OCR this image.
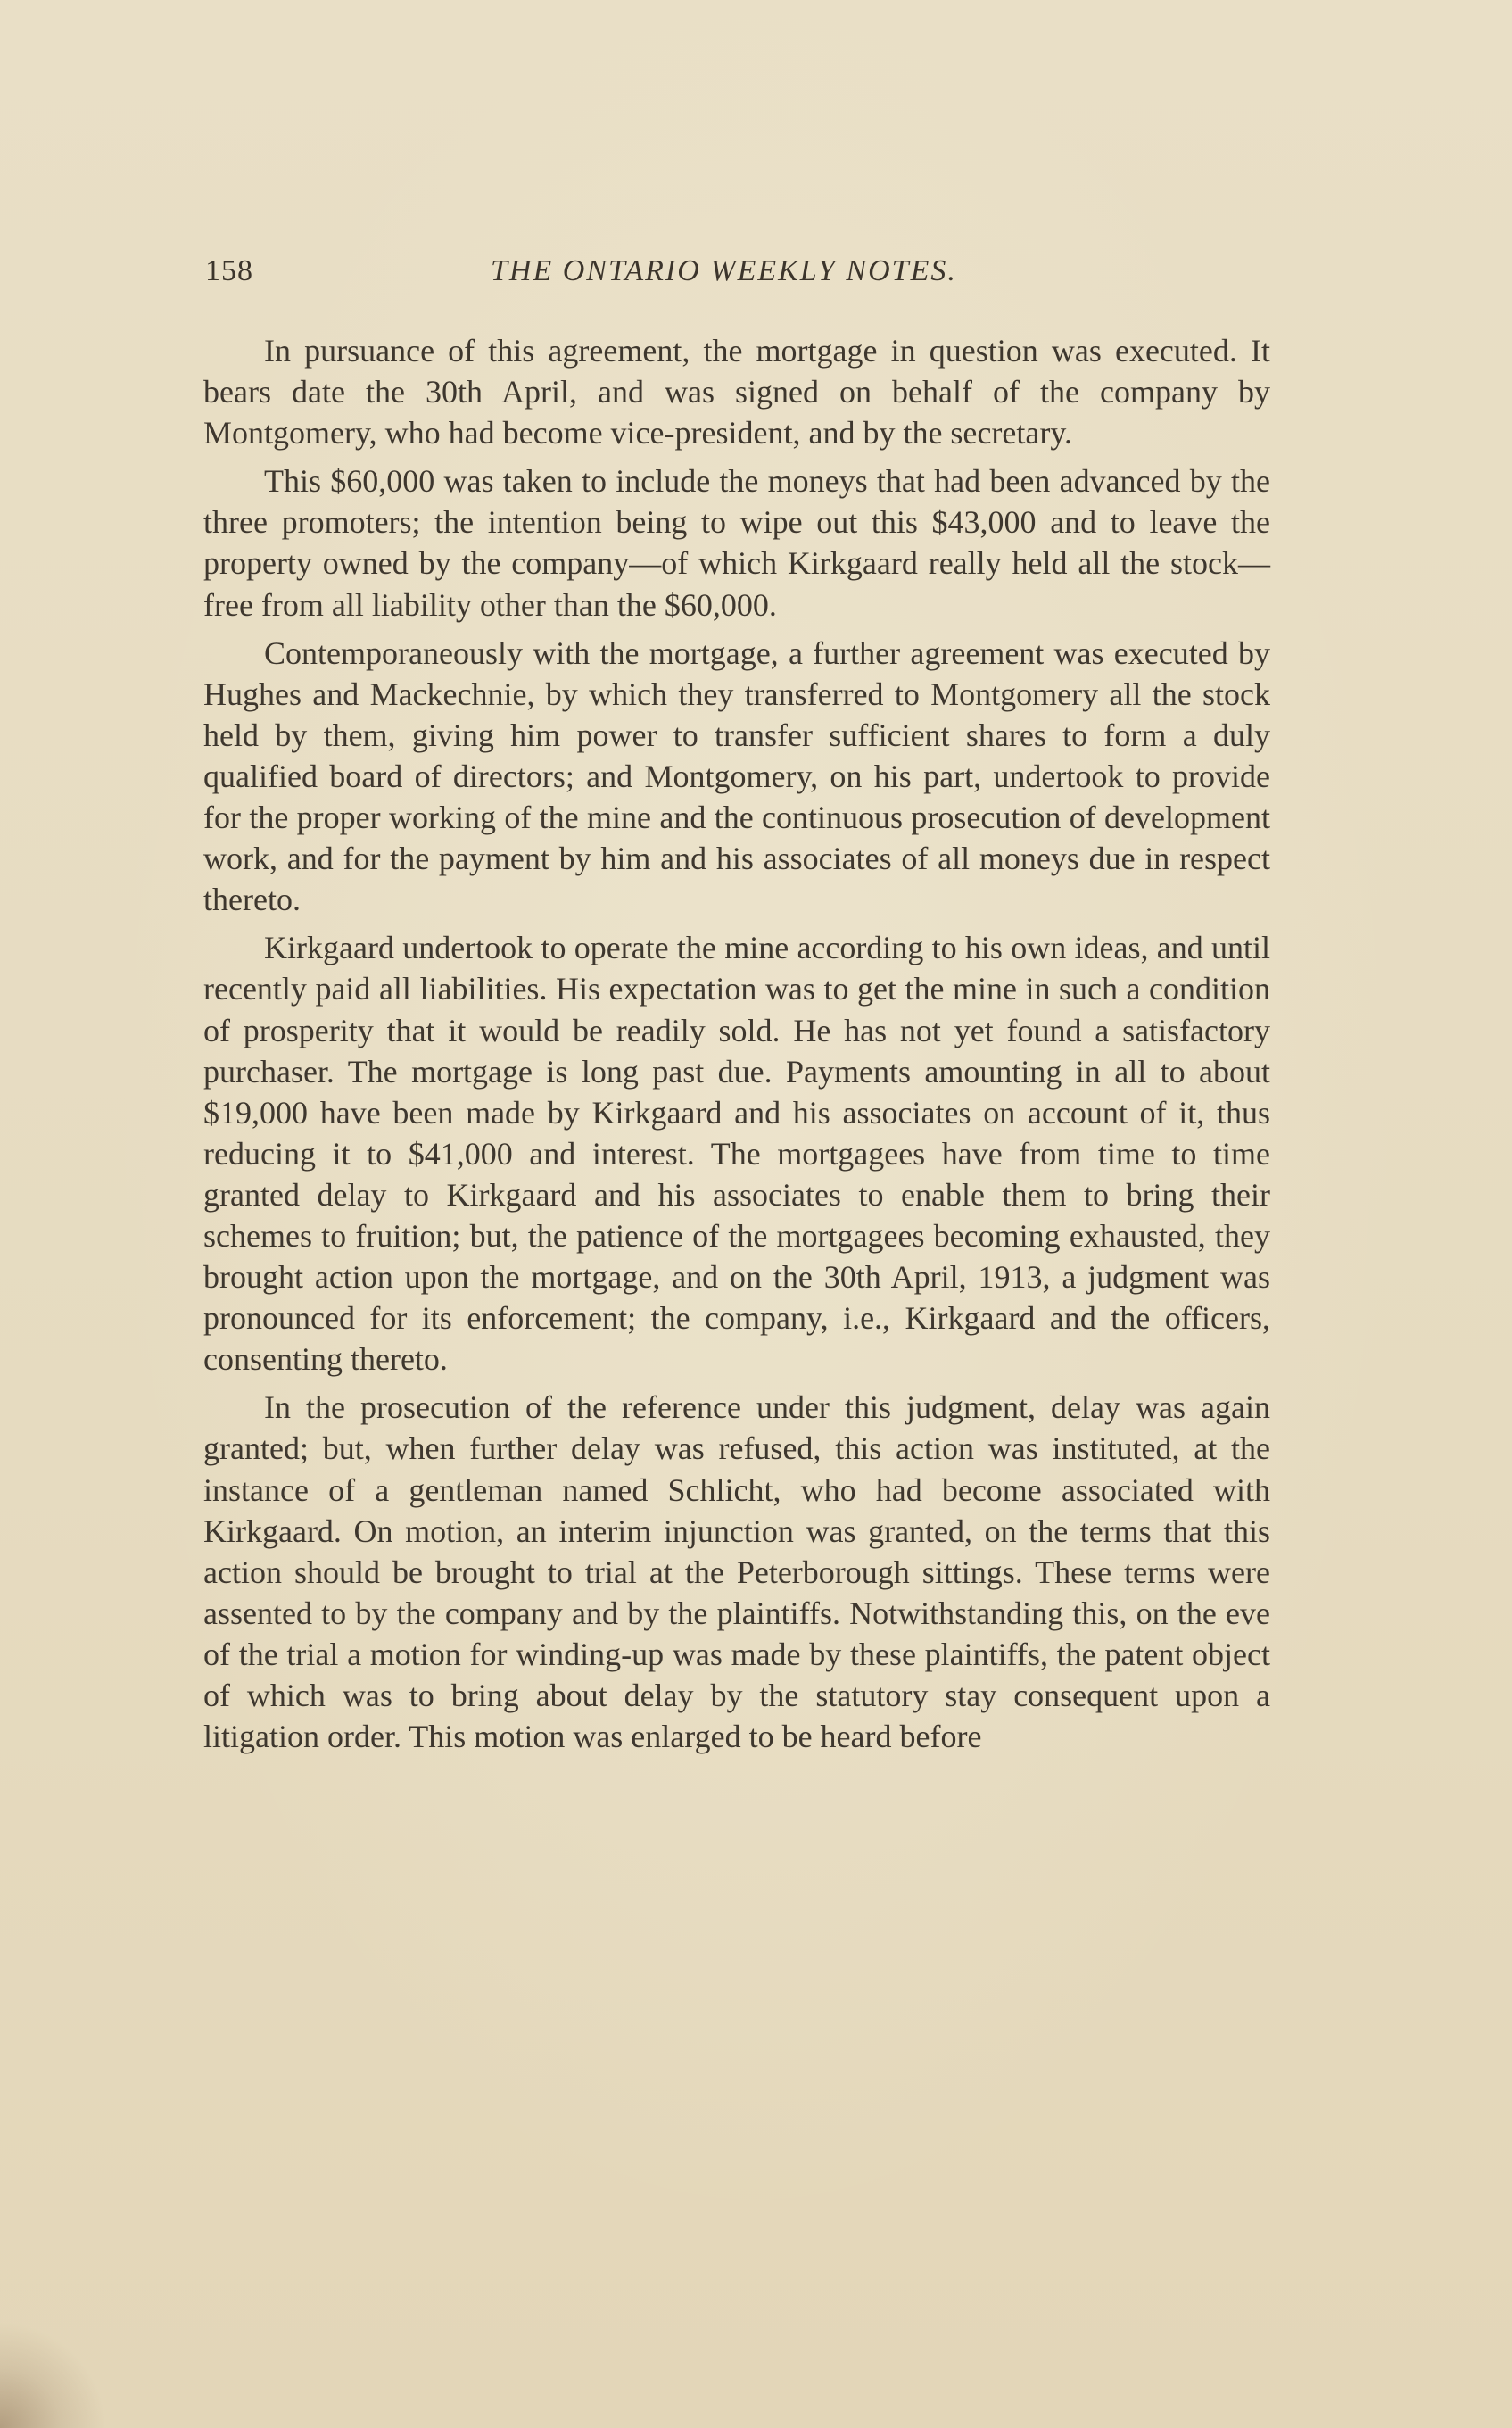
158	THE ONTARIO WEEKLY NOTES.

In pursuance of this agreement, the mortgage in question was executed. It bears date the 30th April, and was signed on behalf of the company by Montgomery, who had become vice-president, and by the secretary.

This $60,000 was taken to include the moneys that had been advanced by the three promoters; the intention being to wipe out this $43,000 and to leave the property owned by the company—of which Kirkgaard really held all the stock—free from all liability other than the $60,000.

Contemporaneously with the mortgage, a further agreement was executed by Hughes and Mackechnie, by which they transferred to Montgomery all the stock held by them, giving him power to transfer sufficient shares to form a duly qualified board of directors; and Montgomery, on his part, undertook to provide for the proper working of the mine and the continuous prosecution of development work, and for the payment by him and his associates of all moneys due in respect thereto.

Kirkgaard undertook to operate the mine according to his own ideas, and until recently paid all liabilities. His expectation was to get the mine in such a condition of prosperity that it would be readily sold. He has not yet found a satisfactory purchaser. The mortgage is long past due. Payments amounting in all to about $19,000 have been made by Kirkgaard and his associates on account of it, thus reducing it to $41,000 and interest. The mortgagees have from time to time granted delay to Kirkgaard and his associates to enable them to bring their schemes to fruition; but, the patience of the mortgagees becoming exhausted, they brought action upon the mortgage, and on the 30th April, 1913, a judgment was pronounced for its enforcement; the company, i.e., Kirkgaard and the officers, consenting thereto.

In the prosecution of the reference under this judgment, delay was again granted; but, when further delay was refused, this action was instituted, at the instance of a gentleman named Schlicht, who had become associated with Kirkgaard. On motion, an interim injunction was granted, on the terms that this action should be brought to trial at the Peterborough sittings. These terms were assented to by the company and by the plaintiffs. Notwithstanding this, on the eve of the trial a motion for winding-up was made by these plaintiffs, the patent object of which was to bring about delay by the statutory stay consequent upon a litigation order. This motion was enlarged to be heard before
